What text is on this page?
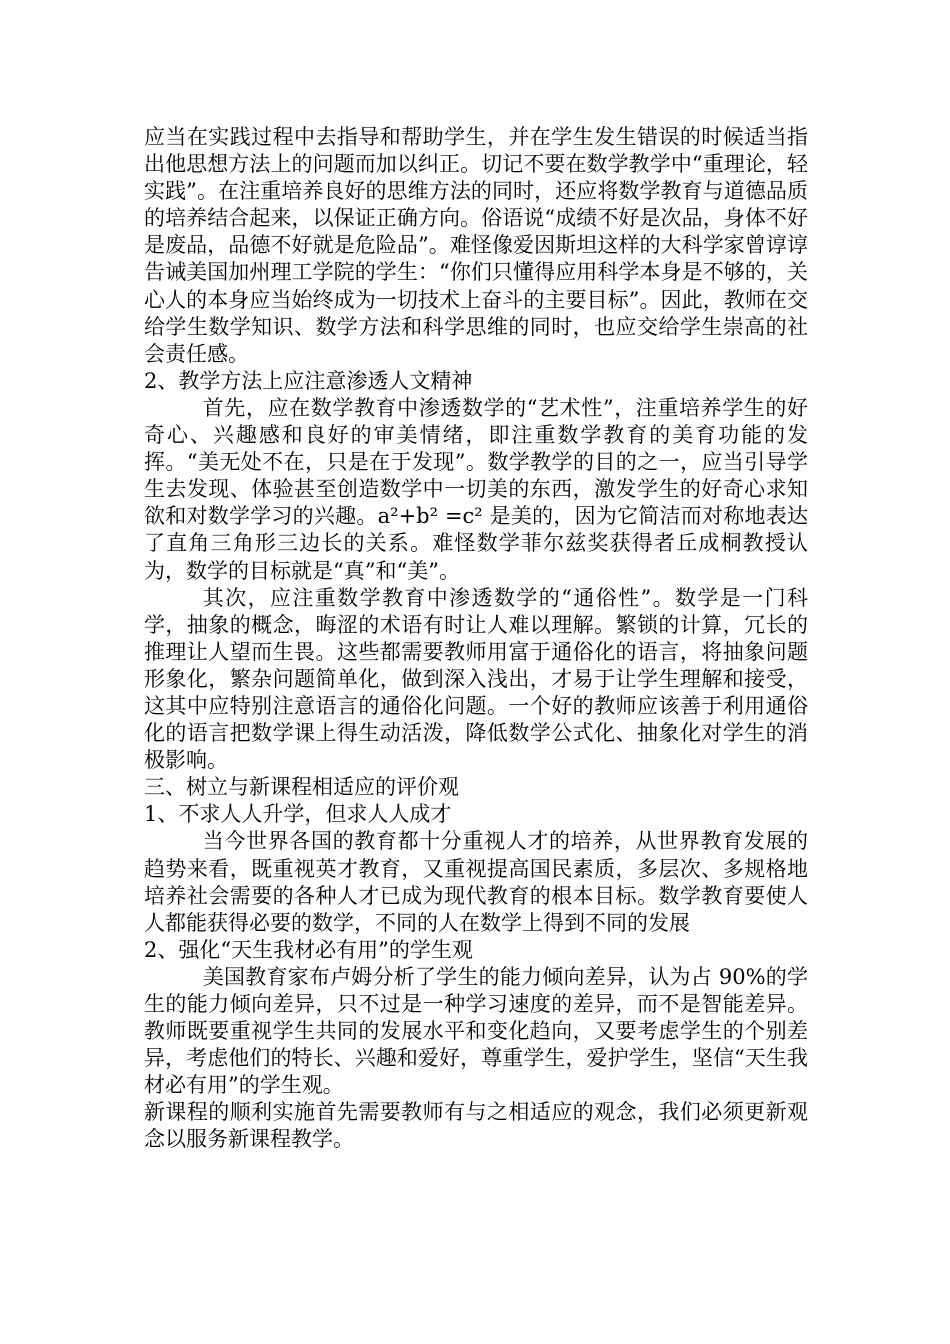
应当在实践过程中去指导和帮助学生，并在学生发生错误的时候适当指出他思想方法上的问题而加以纠正。切记不要在数学教学中“重理论，轻实践”。在注重培养良好的思维方法的同时，还应将数学教育与道德品质的培养结合起来，以保证正确方向。俗语说“成绩不好是次品，身体不好是废品，品德不好就是危险品”。难怪像爱因斯坦这样的大科学家曾谆谆告诫美国加州理工学院的学生：“你们只懂得应用科学本身是不够的，关心人的本身应当始终成为一切技术上奋斗的主要目标”。因此，教师在交给学生数学知识、数学方法和科学思维的同时，也应交给学生崇高的社会责任感。

2、教学方法上应注意渗透人文精神

首先，应在数学教育中渗透数学的“艺术性”，注重培养学生的好奇心、兴趣感和良好的审美情绪，即注重数学教育的美育功能的发挥。“美无处不在，只是在于发现”。数学教学的目的之一，应当引导学生去发现、体验甚至创造数学中一切美的东西，激发学生的好奇心求知欲和对数学学习的兴趣。a²+b² =c² 是美的，因为它简洁而对称地表达了直角三角形三边长的关系。难怪数学菲尔兹奖获得者丘成桐教授认为，数学的目标就是“真”和“美”。

其次，应注重数学教育中渗透数学的“通俗性”。数学是一门科学，抽象的概念，晦涩的术语有时让人难以理解。繁锁的计算，冗长的推理让人望而生畏。这些都需要教师用富于通俗化的语言，将抽象问题形象化，繁杂问题简单化，做到深入浅出，才易于让学生理解和接受，这其中应特别注意语言的通俗化问题。一个好的教师应该善于利用通俗化的语言把数学课上得生动活泼，降低数学公式化、抽象化对学生的消极影响。

三、树立与新课程相适应的评价观

1、不求人人升学，但求人人成才

当今世界各国的教育都十分重视人才的培养，从世界教育发展的趋势来看，既重视英才教育，又重视提高国民素质，多层次、多规格地培养社会需要的各种人才已成为现代教育的根本目标。数学教育要使人人都能获得必要的数学，不同的人在数学上得到不同的发展

2、强化“天生我材必有用”的学生观

美国教育家布卢姆分析了学生的能力倾向差异，认为占 90%的学生的能力倾向差异，只不过是一种学习速度的差异，而不是智能差异。教师既要重视学生共同的发展水平和变化趋向，又要考虑学生的个别差异，考虑他们的特长、兴趣和爱好，尊重学生，爱护学生，坚信“天生我材必有用”的学生观。

新课程的顺利实施首先需要教师有与之相适应的观念，我们必须更新观念以服务新课程教学。
